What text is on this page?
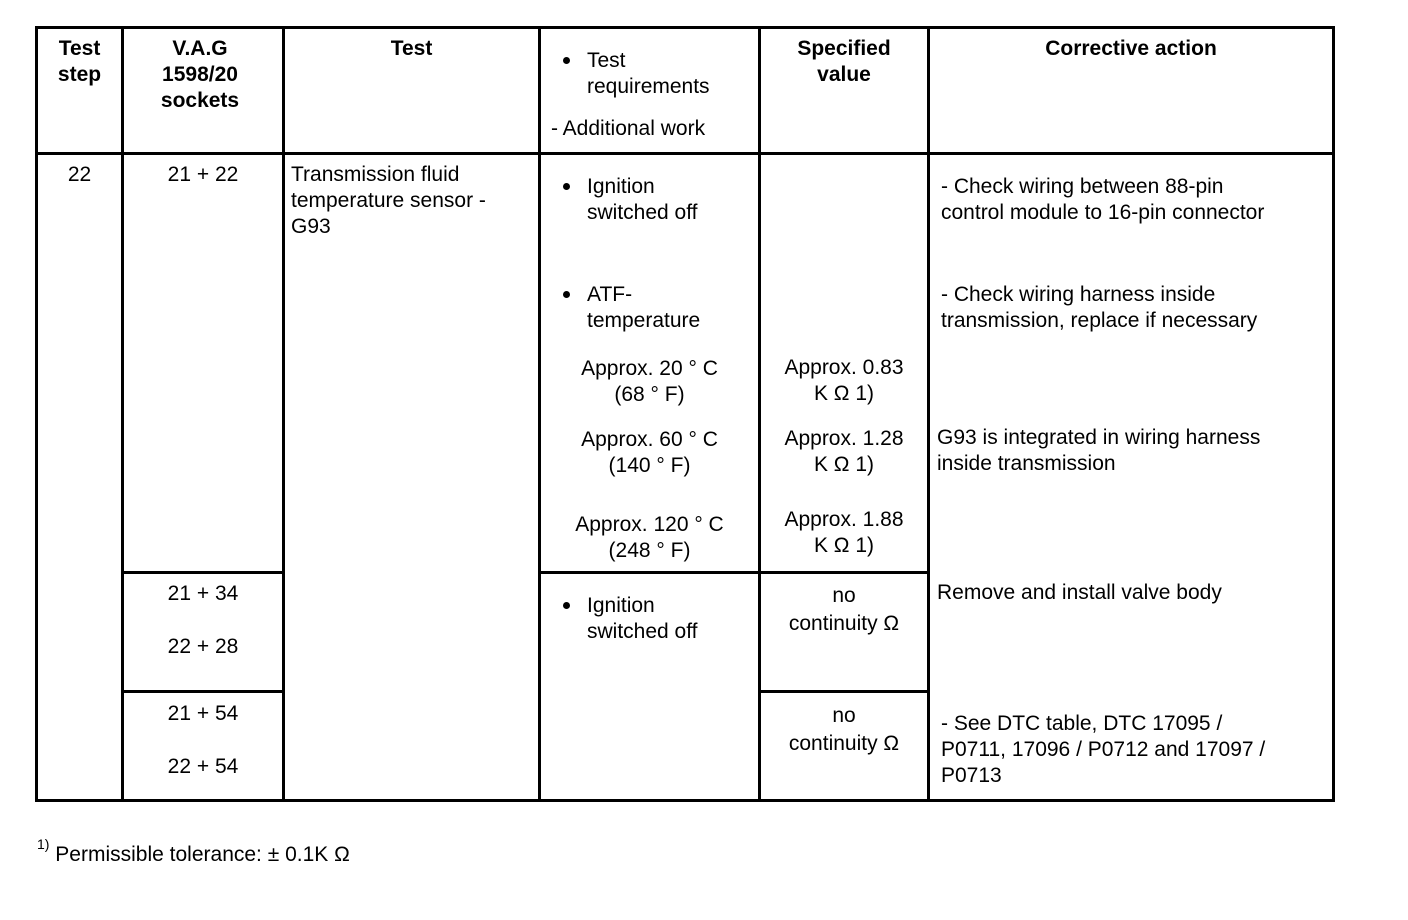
Test step
V.A.G 1598/20 sockets
Test
Test requirements
- Additional work
Specified value
Corrective action
22	21 + 22	Transmission fluid
temperature sensor -
G93
Ignition
switched off
ATF-
temperature
Approx. 20 ° C
(68 ° F)
Approx. 0.83
K Ω 1)
Approx. 60 ° C
(140 ° F)
Approx. 1.28
K Ω 1)
Approx. 120 ° C
(248 ° F)
Approx. 1.88
K Ω 1)
- Check wiring between 88-pin
control module to 16-pin connector
- Check wiring harness inside
transmission, replace if necessary
G93 is integrated in wiring harness
inside transmission
21 + 34
22 + 28
Ignition
switched off
no
continuity Ω
Remove and install valve body
21 + 54
22 + 54
no
continuity Ω
- See DTC table, DTC 17095 /
P0711, 17096 / P0712 and 17097 /
P0713
$^{1)}$ Permissible tolerance: ± 0.1K Ω
